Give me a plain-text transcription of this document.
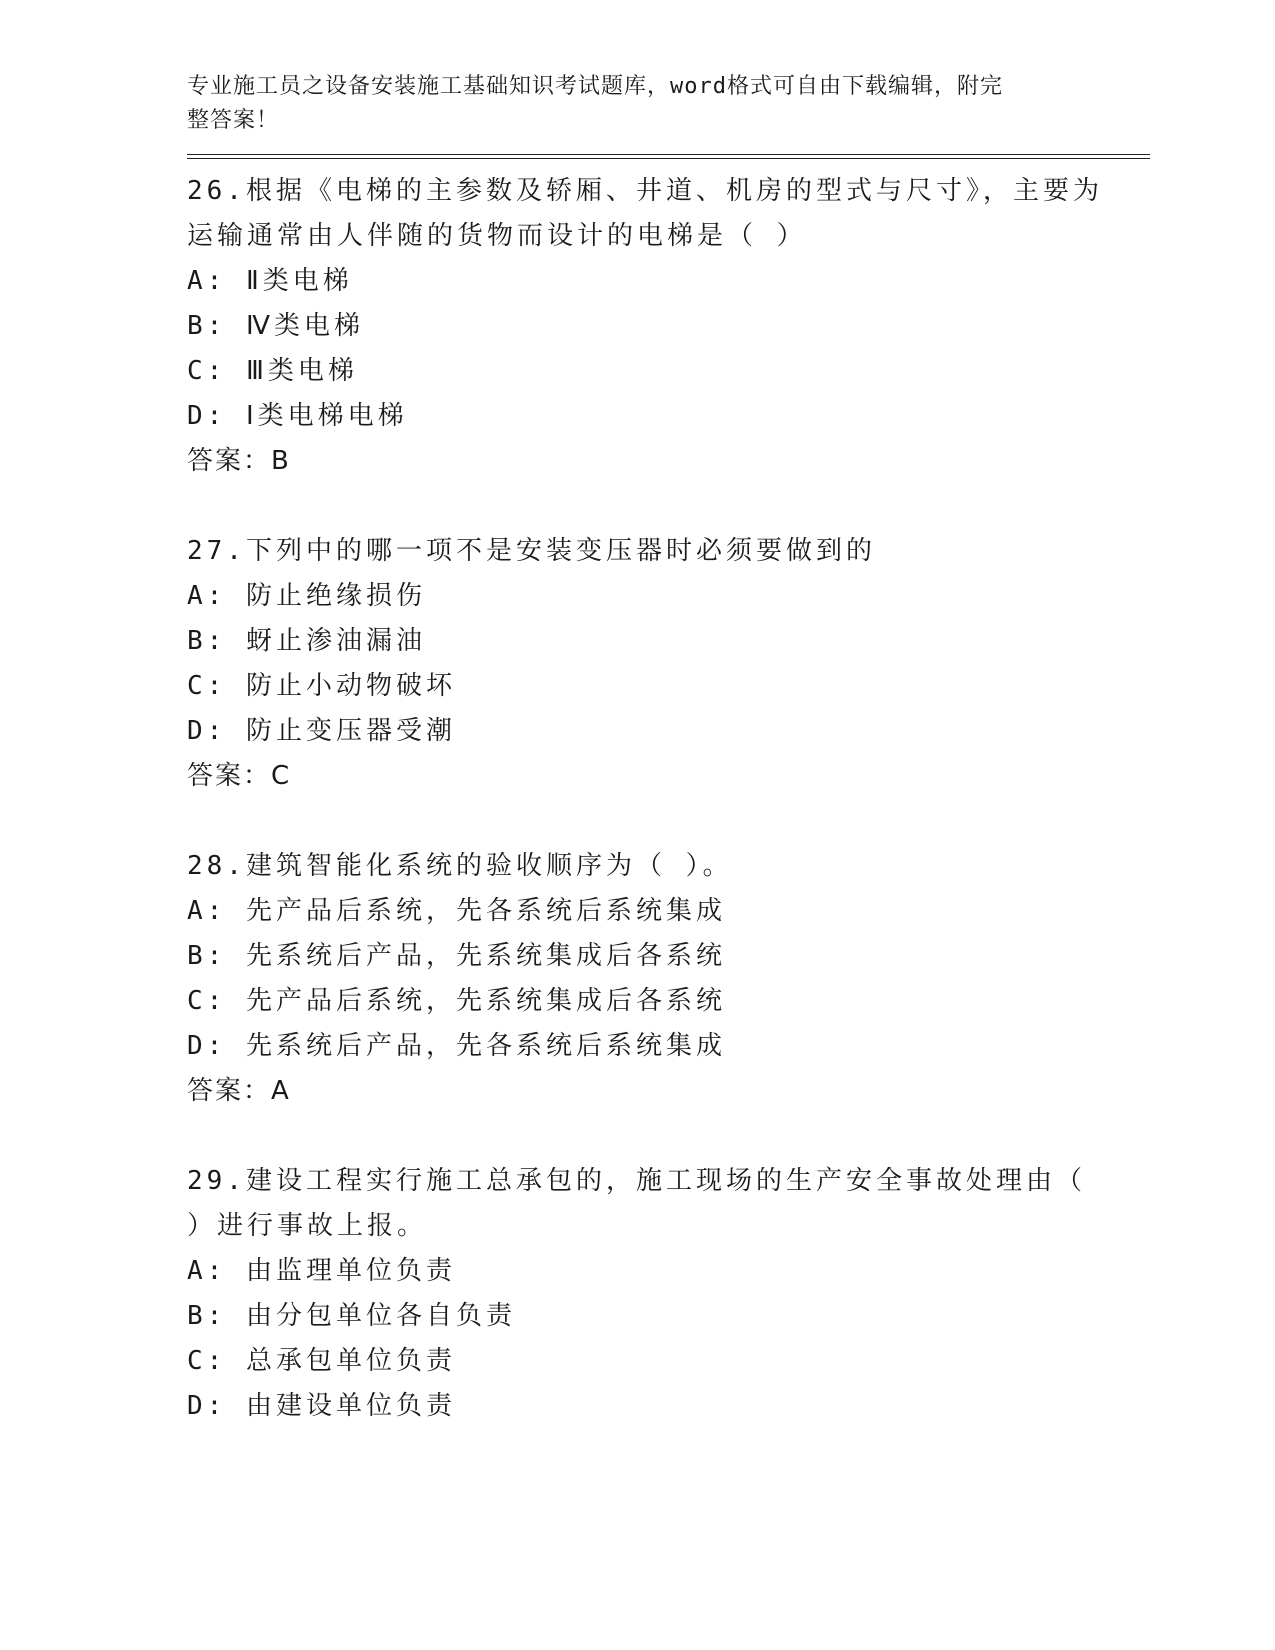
专业施工员之设备安装施工基础知识考试题库，word格式可自由下载编辑，附完
整答案！
26.根据《电梯的主参数及轿厢、井道、机房的型式与尺寸》，主要为
运输通常由人伴随的货物而设计的电梯是（ ）
A: Ⅱ类电梯
B: Ⅳ类电梯
C: Ⅲ类电梯
D: Ⅰ类电梯电梯
答案：B
27.下列中的哪一项不是安装变压器时必须要做到的
A: 防止绝缘损伤
B: 蚜止渗油漏油
C: 防止小动物破坏
D: 防止变压器受潮
答案：C
28.建筑智能化系统的验收顺序为（ ）。
A: 先产品后系统，先各系统后系统集成
B: 先系统后产品，先系统集成后各系统
C: 先产品后系统，先系统集成后各系统
D: 先系统后产品，先各系统后系统集成
答案：A
29.建设工程实行施工总承包的，施工现场的生产安全事故处理由（
）进行事故上报。
A: 由监理单位负责
B: 由分包单位各自负责
C: 总承包单位负责
D: 由建设单位负责
